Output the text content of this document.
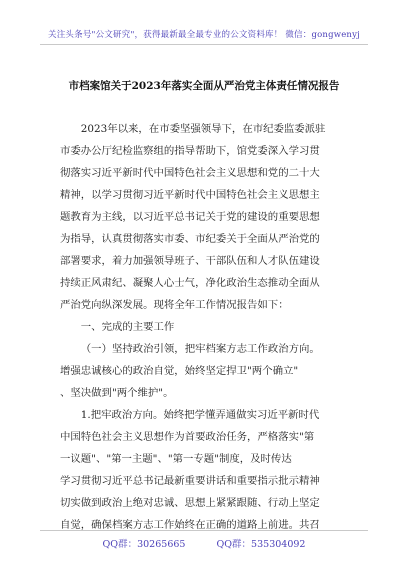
关注头条号"公文研究"，获得最新最全最专业的公文资料库！ 微信：gongwenyj
市档案馆关于2023年落实全面从严治党主体责任情况报告
2023年以来，在市委坚强领导下，在市纪委监委派驻
市委办公厅纪检监察组的指导帮助下，馆党委深入学习贯
彻落实习近平新时代中国特色社会主义思想和党的二十大
精神，以学习贯彻习近平新时代中国特色社会主义思想主
题教育为主线，以习近平总书记关于党的建设的重要思想
为指导，认真贯彻落实市委、市纪委关于全面从严治党的
部署要求，着力加强领导班子、干部队伍和人才队伍建设
持续正风肃纪、凝聚人心士气，净化政治生态推动全面从
严治党向纵深发展。现将全年工作情况报告如下：
一、完成的主要工作
（一）坚持政治引领，把牢档案方志工作政治方向。
增强忠诚核心的政治自觉，始终坚定捍卫"两个确立"
、坚决做到"两个维护"。
1.把牢政治方向。始终把学懂弄通做实习近平新时代
中国特色社会主义思想作为首要政治任务，严格落实"第
一议题"、"第一主题"、"第一专题"制度，及时传达
学习贯彻习近平总书记最新重要讲话和重要指示批示精神
切实做到政治上绝对忠诚、思想上紧紧跟随、行动上坚定
自觉，确保档案方志工作始终在正确的道路上前进。共召
QQ群：30265665	QQ群：535304092
